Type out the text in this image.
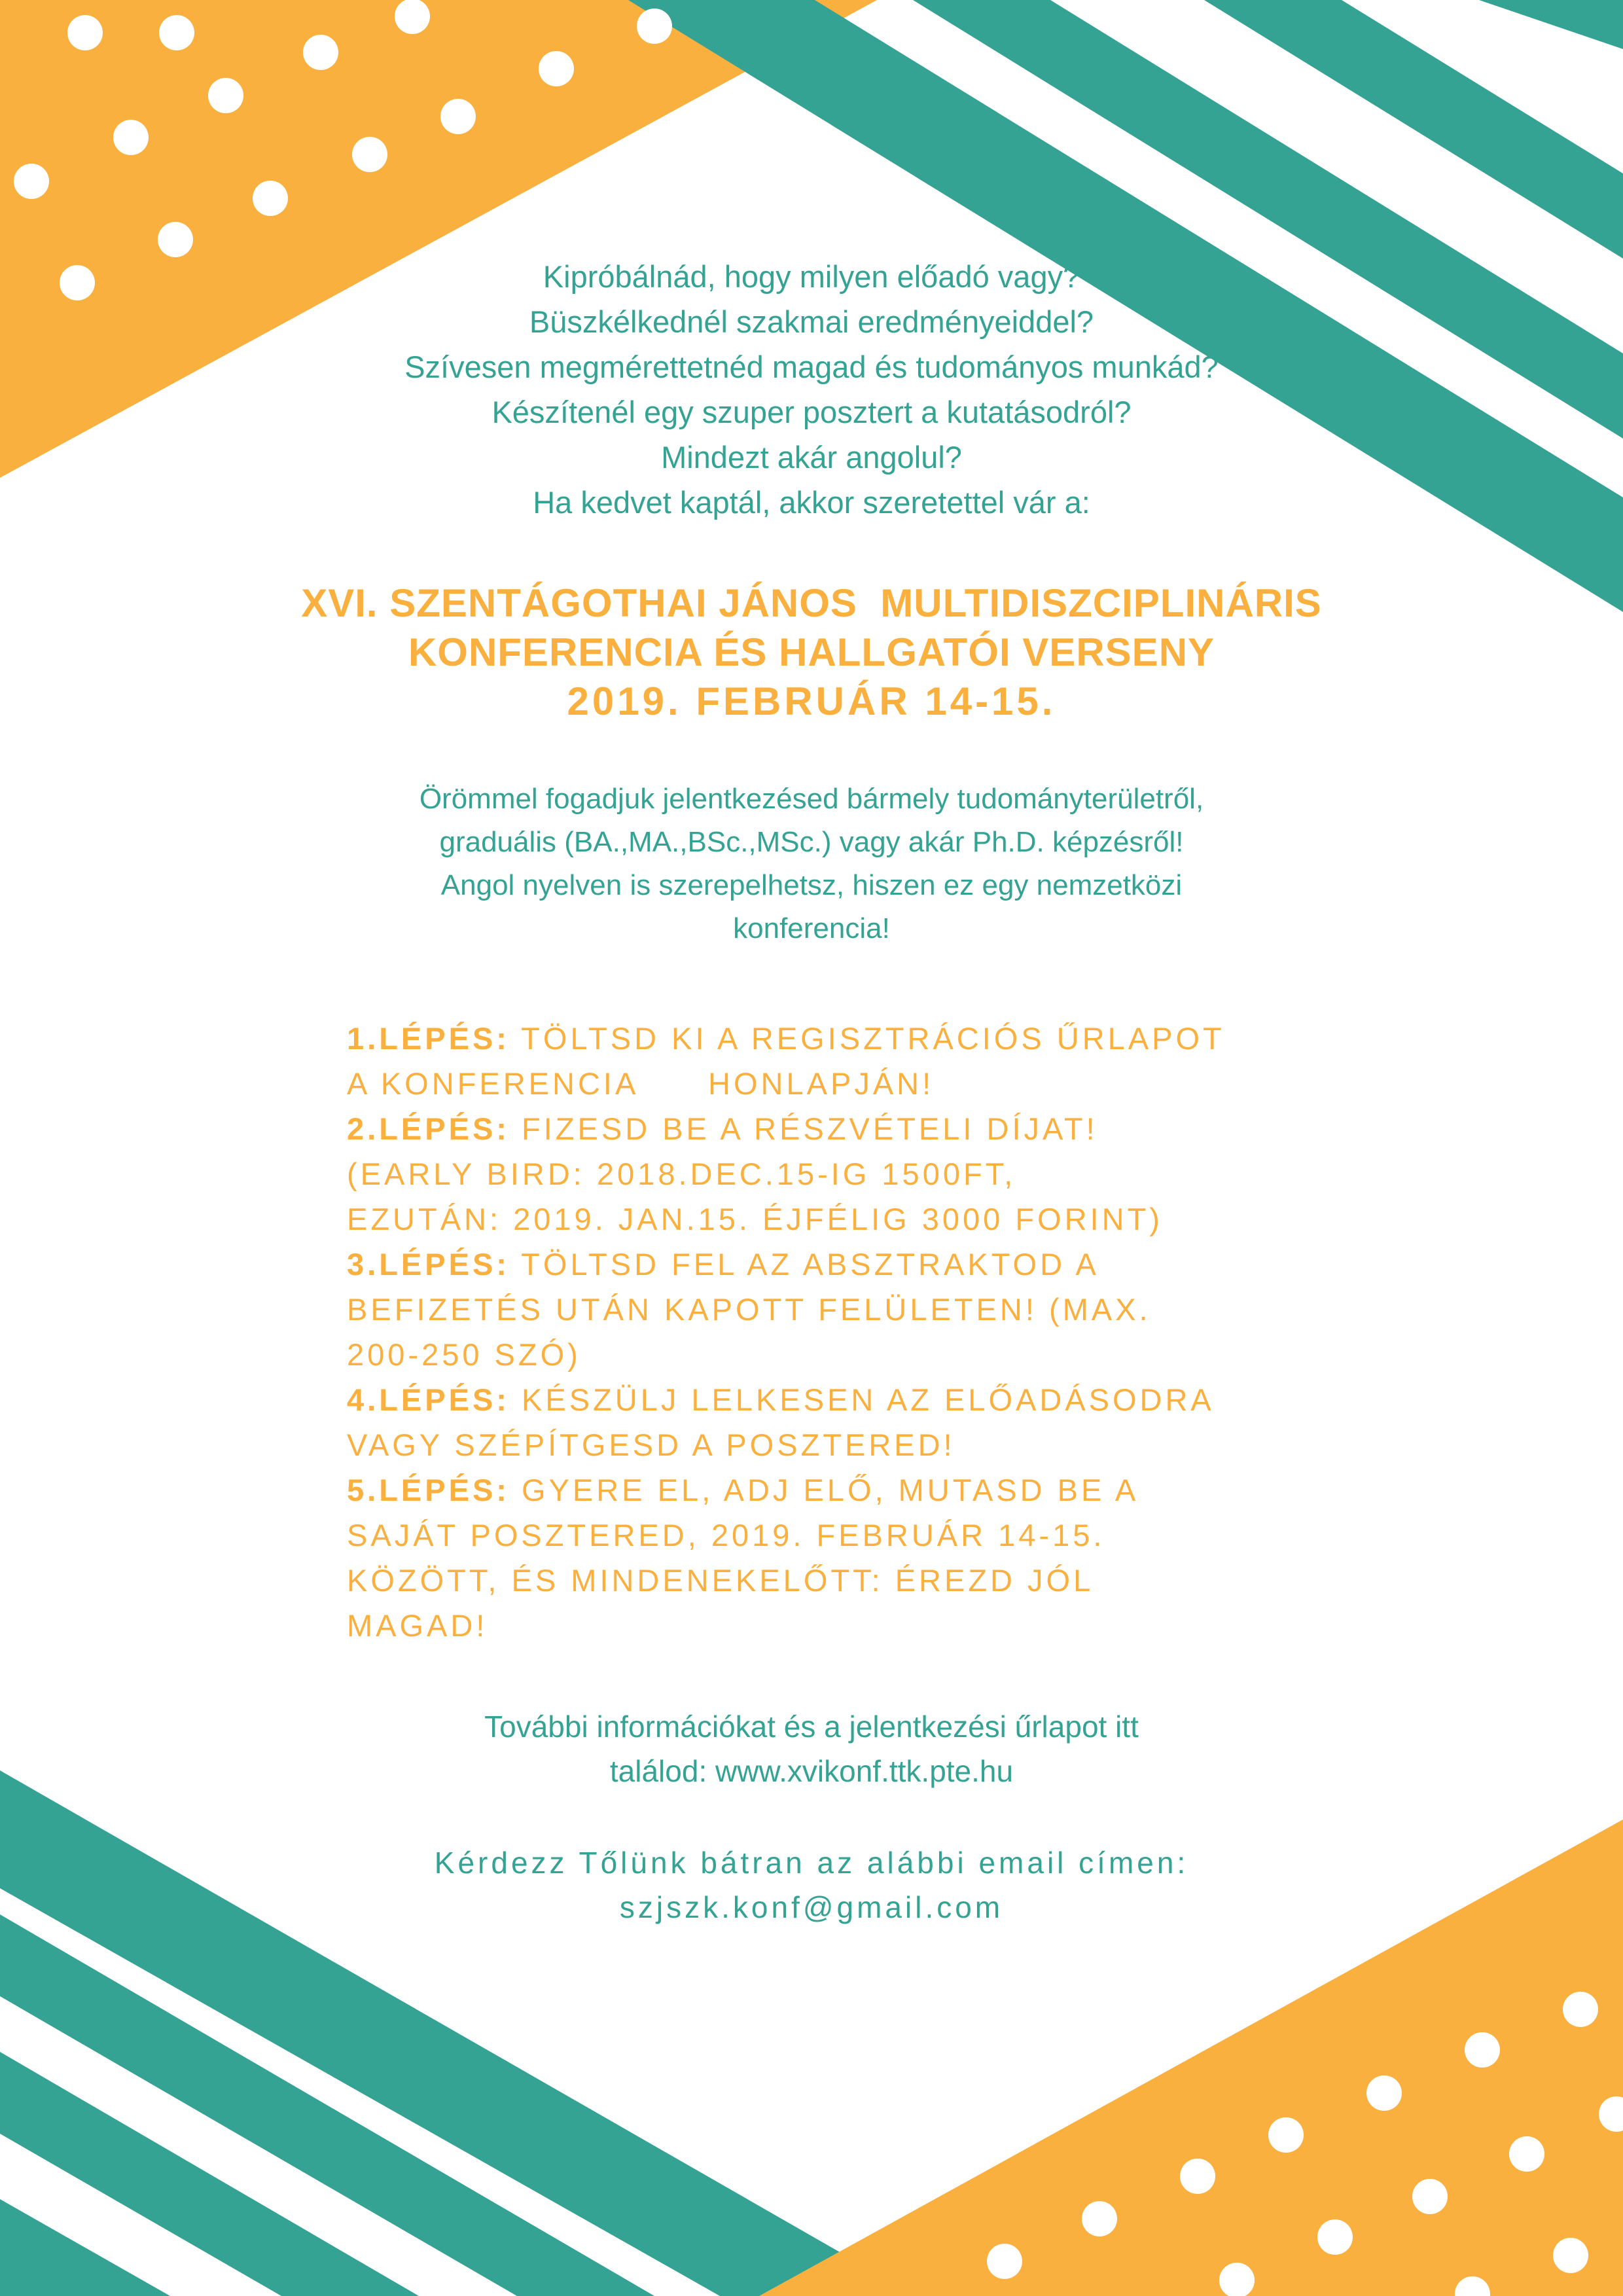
Kipróbálnád, hogy milyen előadó vagy?
Büszkélkednél szakmai eredményeiddel?
Szívesen megmérettetnéd magad és tudományos munkád?
Készítenél egy szuper posztert a kutatásodról?
Mindezt akár angolul?
Ha kedvet kaptál, akkor szeretettel vár a:
XVI. SZENTÁGOTHAI JÁNOS  MULTIDISZCIPLINÁRIS
KONFERENCIA ÉS HALLGATÓI VERSENY
2019. FEBRUÁR 14-15.
Örömmel fogadjuk jelentkezésed bármely tudományterületről,
graduális (BA.,MA.,BSc.,MSc.) vagy akár Ph.D. képzésről!
Angol nyelven is szerepelhetsz, hiszen ez egy nemzetközi
konferencia!
1.LÉPÉS: TÖLTSD KI A REGISZTRÁCIÓS ŰRLAPOT
A KONFERENCIA      HONLAPJÁN!
2.LÉPÉS: FIZESD BE A RÉSZVÉTELI DÍJAT!
(EARLY BIRD: 2018.DEC.15-IG 1500FT,
EZUTÁN: 2019. JAN.15. ÉJFÉLIG 3000 FORINT)
3.LÉPÉS: TÖLTSD FEL AZ ABSZTRAKTOD A
BEFIZETÉS UTÁN KAPOTT FELÜLETEN! (MAX.
200-250 SZÓ)
4.LÉPÉS: KÉSZÜLJ LELKESEN AZ ELŐADÁSODRA
VAGY SZÉPÍTGESD A POSZTERED!
5.LÉPÉS: GYERE EL, ADJ ELŐ, MUTASD BE A
SAJÁT POSZTERED, 2019. FEBRUÁR 14-15.
KÖZÖTT, ÉS MINDENEKELŐTT: ÉREZD JÓL
MAGAD!
További információkat és a jelentkezési űrlapot itt
találod: www.xvikonf.ttk.pte.hu
Kérdezz Tőlünk bátran az alábbi email címen:
szjszk.konf@gmail.com
